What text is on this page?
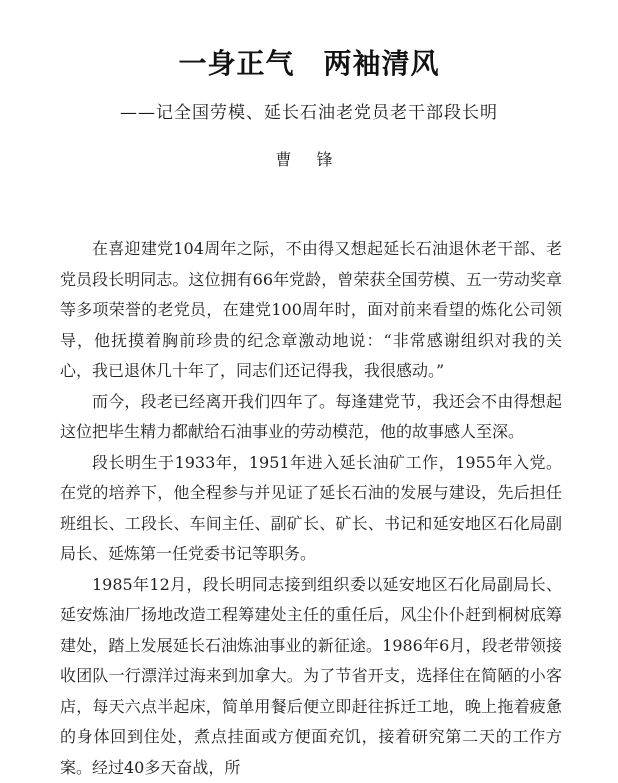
一身正气　两袖清风
——记全国劳模、延长石油老党员老干部段长明
曹 锋

在喜迎建党104周年之际，不由得又想起延长石油退休老干部、老党员段长明同志。这位拥有66年党龄，曾荣获全国劳模、五一劳动奖章等多项荣誉的老党员，在建党100周年时，面对前来看望的炼化公司领导，他抚摸着胸前珍贵的纪念章激动地说：“非常感谢组织对我的关心，我已退休几十年了，同志们还记得我，我很感动。”

而今，段老已经离开我们四年了。每逢建党节，我还会不由得想起这位把毕生精力都献给石油事业的劳动模范，他的故事感人至深。

段长明生于1933年，1951年进入延长油矿工作，1955年入党。在党的培养下，他全程参与并见证了延长石油的发展与建设，先后担任班组长、工段长、车间主任、副矿长、矿长、书记和延安地区石化局副局长、延炼第一任党委书记等职务。

1985年12月，段长明同志接到组织委以延安地区石化局副局长、延安炼油厂扬地改造工程筹建处主任的重任后，风尘仆仆赶到桐树底筹建处，踏上发展延长石油炼油事业的新征途。1986年6月，段老带领接收团队一行漂洋过海来到加拿大。为了节省开支，选择住在简陋的小客店，每天六点半起床，简单用餐后便立即赶往拆迁工地，晚上拖着疲惫的身体回到住处，煮点挂面或方便面充饥，接着研究第二天的工作方案。经过40多天奋战，所
